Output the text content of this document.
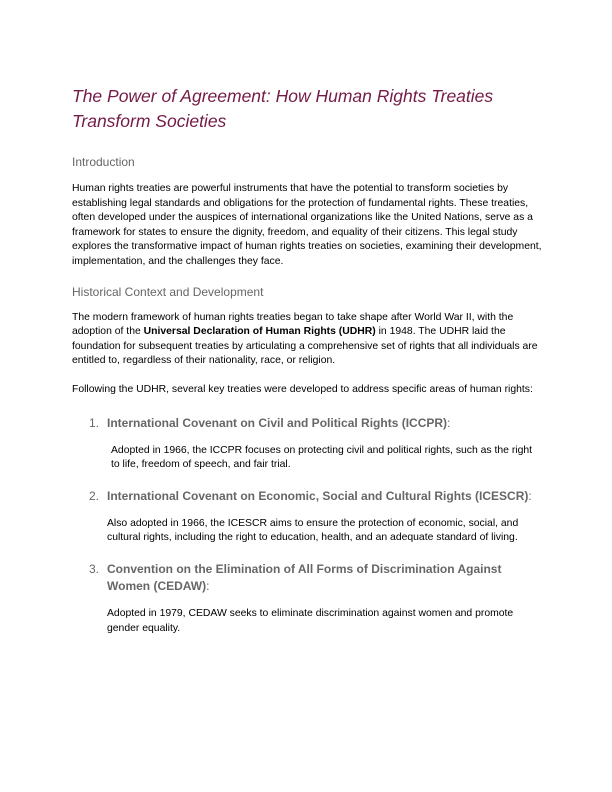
The Power of Agreement: How Human Rights Treaties Transform Societies
Introduction

Human rights treaties are powerful instruments that have the potential to transform societies by establishing legal standards and obligations for the protection of fundamental rights. These treaties, often developed under the auspices of international organizations like the United Nations, serve as a framework for states to ensure the dignity, freedom, and equality of their citizens. This legal study explores the transformative impact of human rights treaties on societies, examining their development, implementation, and the challenges they face.

Historical Context and Development

The modern framework of human rights treaties began to take shape after World War II, with the adoption of the Universal Declaration of Human Rights (UDHR) in 1948. The UDHR laid the foundation for subsequent treaties by articulating a comprehensive set of rights that all individuals are entitled to, regardless of their nationality, race, or religion.

Following the UDHR, several key treaties were developed to address specific areas of human rights:

1. International Covenant on Civil and Political Rights (ICCPR):

Adopted in 1966, the ICCPR focuses on protecting civil and political rights, such as the right to life, freedom of speech, and fair trial.

2. International Covenant on Economic, Social and Cultural Rights (ICESCR):

Also adopted in 1966, the ICESCR aims to ensure the protection of economic, social, and cultural rights, including the right to education, health, and an adequate standard of living.

3. Convention on the Elimination of All Forms of Discrimination Against Women (CEDAW):

Adopted in 1979, CEDAW seeks to eliminate discrimination against women and promote gender equality.
